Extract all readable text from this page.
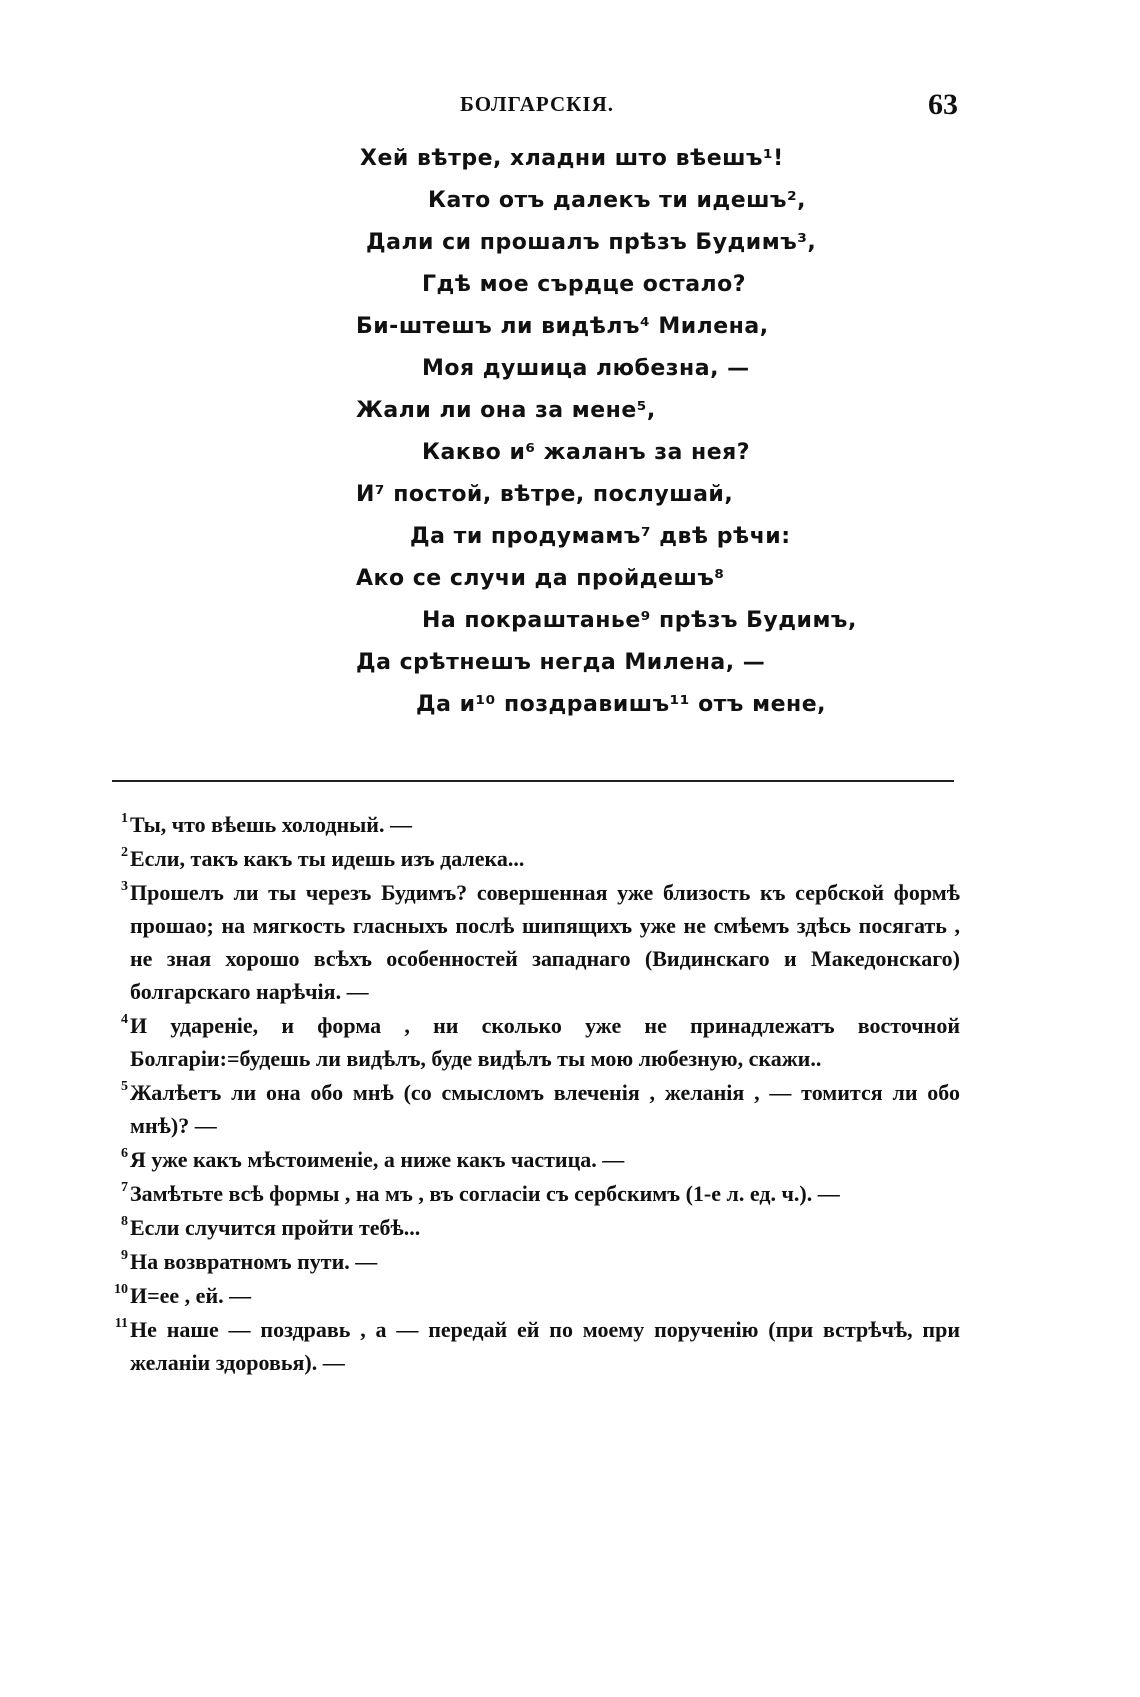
БОЛГАРСКІЯ.	63
Хей вѣтре, хладни што вѣешъ¹!
Като отъ далекъ ти идешъ²,
Дали си прошалъ прѣзъ Будимъ³,
Гдѣ мое сърдце остало?
Би-штешъ ли видѣлъ⁴ Милена,
Моя душица любезна, —
Жали ли она за мене⁵,
Какво и⁶ жаланъ за нея?
И⁷ постой, вѣтре, послушай,
Да ти продумамъ⁷ двѣ рѣчи:
Ако се случи да пройдешъ⁸
На покраштанье⁹ прѣзъ Будимъ,
Да срѣтнешъ негда Милена, —
Да и¹⁰ поздравишъ¹¹ отъ мене,
1 Ты, что вѣешь холодный. —
2 Если, такъ какъ ты идешь изъ далека...
3 Прошелъ ли ты черезъ Будимъ? совершенная уже близость къ сербской формѣ прошао; на мягкость гласныхъ послѣ шипящихъ уже не смѣемъ здѣсь посягать , не зная хорошо всѣхъ особенностей западнаго (Видинскаго и Македонскаго) болгарскаго нарѣчія. —
4 И удареніе, и форма , ни сколько уже не принадлежатъ восточной Болгаріи:=будешь ли видѣлъ, буде видѣлъ ты мою любезную, скажи..
5 Жалѣетъ ли она обо мнѣ (со смысломъ влеченія , желанія , — томится ли обо мнѣ)? —
6 Я уже какъ мѣстоименіе, а ниже какъ частица. —
7 Замѣтьте всѣ формы , на мъ , въ согласіи съ сербскимъ (1-е л. ед. ч.). —
8 Если случится пройти тебѣ...
9 На возвратномъ пути. —
10 И=ее , ей. —
11 Не наше — поздравь , а — передай ей по моему порученію (при встрѣчѣ, при желаніи здоровья). —
